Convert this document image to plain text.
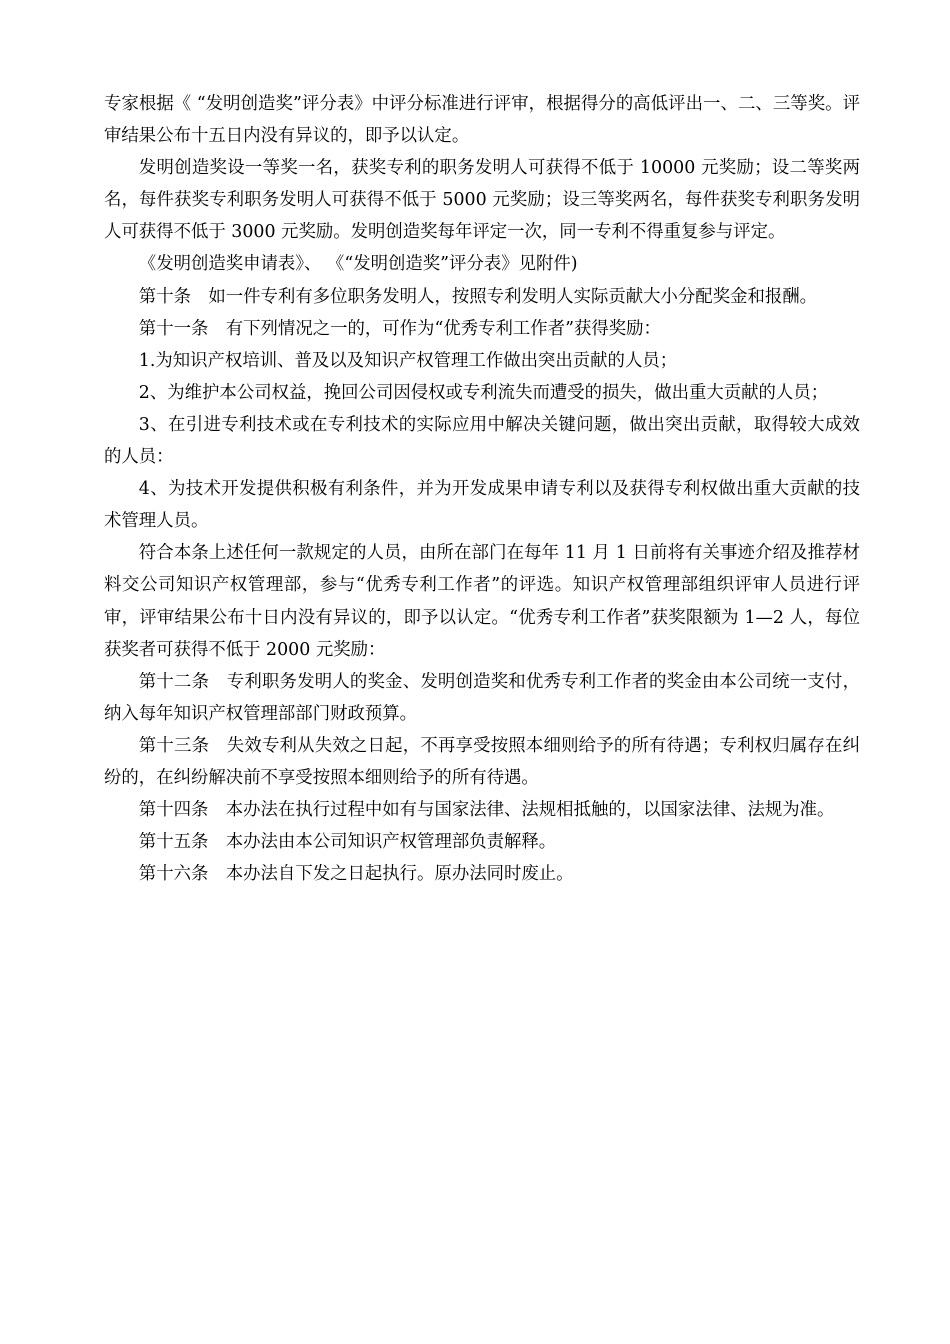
专家根据《 “发明创造奖”评分表》中评分标准进行评审，根据得分的高低评出一、二、三等奖。评审结果公布十五日内没有异议的，即予以认定。

发明创造奖设一等奖一名，获奖专利的职务发明人可获得不低于 10000 元奖励；设二等奖两名，每件获奖专利职务发明人可获得不低于 5000 元奖励；设三等奖两名，每件获奖专利职务发明人可获得不低于 3000 元奖励。发明创造奖每年评定一次，同一专利不得重复参与评定。

《发明创造奖申请表》、 《“发明创造奖”评分表》见附件)

第十条　如一件专利有多位职务发明人，按照专利发明人实际贡献大小分配奖金和报酬。

第十一条　有下列情况之一的，可作为“优秀专利工作者”获得奖励：

1.为知识产权培训、普及以及知识产权管理工作做出突出贡献的人员；

2、为维护本公司权益，挽回公司因侵权或专利流失而遭受的损失，做出重大贡献的人员；

3、在引进专利技术或在专利技术的实际应用中解决关键问题，做出突出贡献，取得较大成效的人员：

4、为技术开发提供积极有利条件，并为开发成果申请专利以及获得专利权做出重大贡献的技术管理人员。

符合本条上述任何一款规定的人员，由所在部门在每年 11 月 1 日前将有关事迹介绍及推荐材料交公司知识产权管理部，参与“优秀专利工作者”的评选。知识产权管理部组织评审人员进行评审，评审结果公布十日内没有异议的，即予以认定。“优秀专利工作者”获奖限额为 1—2 人，每位获奖者可获得不低于 2000 元奖励：

第十二条　专利职务发明人的奖金、发明创造奖和优秀专利工作者的奖金由本公司统一支付，纳入每年知识产权管理部部门财政预算。

第十三条　失效专利从失效之日起，不再享受按照本细则给予的所有待遇；专利权归属存在纠纷的，在纠纷解决前不享受按照本细则给予的所有待遇。

第十四条　本办法在执行过程中如有与国家法律、法规相抵触的，以国家法律、法规为准。

第十五条　本办法由本公司知识产权管理部负责解释。

第十六条　本办法自下发之日起执行。原办法同时废止。
